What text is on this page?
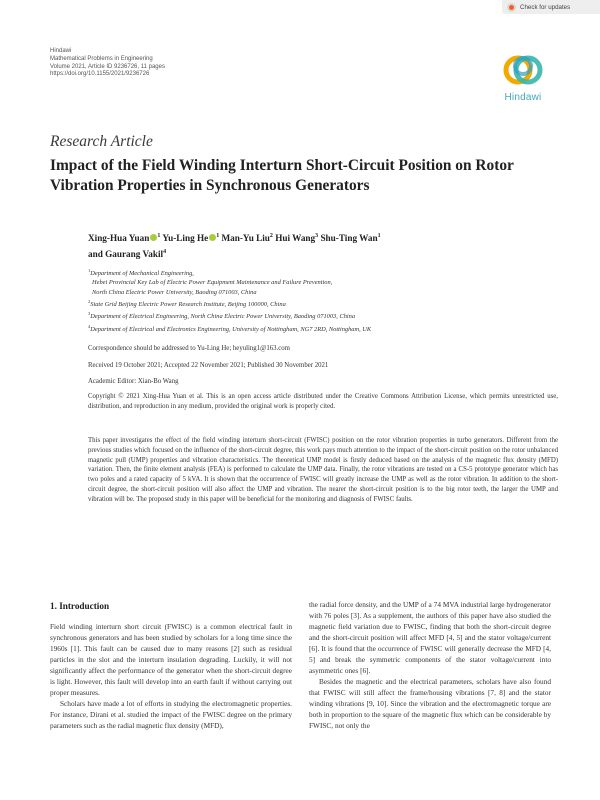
Check for updates
Hindawi
Mathematical Problems in Engineering
Volume 2021, Article ID 9236726, 11 pages
https://doi.org/10.1155/2021/9236726
Hindawi
Research Article
Impact of the Field Winding Interturn Short-Circuit Position on Rotor Vibration Properties in Synchronous Generators
Xing-Hua Yuan $^1$ Yu-Ling He $^1$ Man-Yu Liu$^2$ Hui Wang$^3$ Shu-Ting Wan$^1$
and Gaurang Vakil$^4$
$^1$Department of Mechanical Engineering,
Hebei Provincial Key Lab of Electric Power Equipment Maintenance and Failure Prevention,
North China Electric Power University, Baoding 071003, China
$^2$State Grid Beijing Electric Power Research Institute, Beijing 100000, China
$^3$Department of Electrical Engineering, North China Electric Power University, Baoding 071003, China
$^4$Department of Electrical and Electronics Engineering, University of Nottingham, NG7 2RD, Nottingham, UK
Correspondence should be addressed to Yu-Ling He; heyuling1@163.com
Received 19 October 2021; Accepted 22 November 2021; Published 30 November 2021
Academic Editor: Xian-Bo Wang
Copyright © 2021 Xing-Hua Yuan et al. This is an open access article distributed under the Creative Commons Attribution License, which permits unrestricted use, distribution, and reproduction in any medium, provided the original work is properly cited.
This paper investigates the effect of the field winding interturn short-circuit (FWISC) position on the rotor vibration properties in turbo generators. Different from the previous studies which focused on the influence of the short-circuit degree, this work pays much attention to the impact of the short-circuit position on the rotor unbalanced magnetic pull (UMP) properties and vibration characteristics. The theoretical UMP model is firstly deduced based on the analysis of the magnetic flux density (MFD) variation. Then, the finite element analysis (FEA) is performed to calculate the UMP data. Finally, the rotor vibrations are tested on a CS-5 prototype generator which has two poles and a rated capacity of 5 kVA. It is shown that the occurrence of FWISC will greatly increase the UMP as well as the rotor vibration. In addition to the short-circuit degree, the short-circuit position will also affect the UMP and vibration. The nearer the short-circuit position is to the big rotor teeth, the larger the UMP and vibration will be. The proposed study in this paper will be beneficial for the monitoring and diagnosis of FWISC faults.
1. Introduction

Field winding interturn short circuit (FWISC) is a common electrical fault in synchronous generators and has been studied by scholars for a long time since the 1960s [1]. This fault can be caused due to many reasons [2] such as residual particles in the slot and the interturn insulation degrading. Luckily, it will not significantly affect the performance of the generator when the short-circuit degree is light. However, this fault will develop into an earth fault if without carrying out proper measures.

Scholars have made a lot of efforts in studying the electromagnetic properties. For instance, Dirani et al. studied the impact of the FWISC degree on the primary parameters such as the radial magnetic flux density (MFD),

the radial force density, and the UMP of a 74 MVA industrial large hydrogenerator with 76 poles [3]. As a supplement, the authors of this paper have also studied the magnetic field variation due to FWISC, finding that both the short-circuit degree and the short-circuit position will affect MFD [4, 5] and the stator voltage/current [6]. It is found that the occurrence of FWISC will generally decrease the MFD [4, 5] and break the symmetric components of the stator voltage/current into asymmetric ones [6].

Besides the magnetic and the electrical parameters, scholars have also found that FWISC will still affect the frame/housing vibrations [7, 8] and the stator winding vibrations [9, 10]. Since the vibration and the electromagnetic torque are both in proportion to the square of the magnetic flux which can be considerable by FWISC, not only the
